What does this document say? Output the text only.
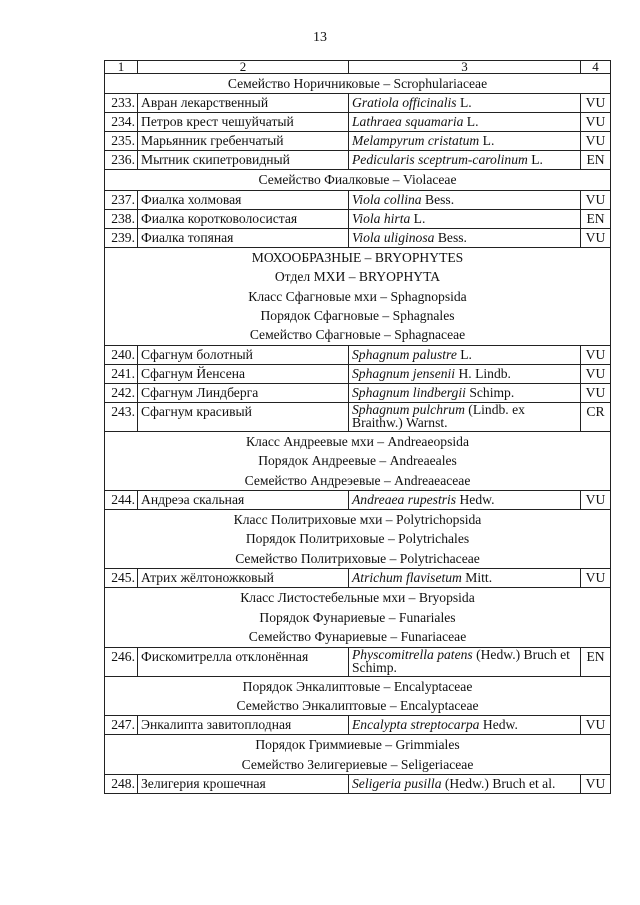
13
1	2	3	4

Семейство Норичниковые – Scrophulariaceae			

233.	Авран лекарственный	Gratiola officinalis L.	VU
234.	Петров крест чешуйчатый	Lathraea squamaria L.	VU
235.	Марьянник гребенчатый	Melampyrum cristatum L.	VU
236.	Мытник скипетровидный	Pedicularis sceptrum-carolinum L.	EN

Семейство Фиалковые – Violaceae			

237.	Фиалка холмовая	Viola collina Bess.	VU
238.	Фиалка коротковолосистая	Viola hirta L.	EN
239.	Фиалка топяная	Viola uliginosa Bess.	VU

МОХООБРАЗНЫЕ – BRYOPHYTES
Отдел МХИ – BRYOPHYTA
Класс Сфагновые мхи – Sphagnopsida
Порядок Сфагновые – Sphagnales
Семейство Сфагновые – Sphagnaceae			

240.	Сфагнум болотный	Sphagnum palustre L.	VU
241.	Сфагнум Йенсена	Sphagnum jensenii H. Lindb.	VU
242.	Сфагнум Линдберга	Sphagnum lindbergii Schimp.	VU
243.	Сфагнум красивый	Sphagnum pulchrum (Lindb. ex Braithw.) Warnst.	CR

Класс Андреевые мхи – Andreaeopsida
Порядок Андреевые – Andreaeales
Семейство Андреэевые – Andreaeaceae			

244.	Андреэа скальная	Andreaea rupestris Hedw.	VU

Класс Политриховые мхи – Polytrichopsida
Порядок Политриховые – Polytrichales
Семейство Политриховые – Polytrichaceae			

245.	Атрих жёлтоножковый	Atrichum flavisetum Mitt.	VU

Класс Листостебельные мхи – Bryopsida
Порядок Фунариевые – Funariales
Семейство Фунариевые – Funariaceae			

246.	Фискомитрелла отклонённая	Physcomitrella patens (Hedw.) Bruch et Schimp.	EN

Порядок Энкалиптовые – Encalyptaceae
Семейство Энкалиптовые – Encalyptaceae			

247.	Энкалипта завитоплодная	Encalypta streptocarpa Hedw.	VU

Порядок Гриммиевые – Grimmiales
Семейство Зелигериевые – Seligeriaceae			

248.	Зелигерия крошечная	Seligeria pusilla (Hedw.) Bruch et al.	VU
